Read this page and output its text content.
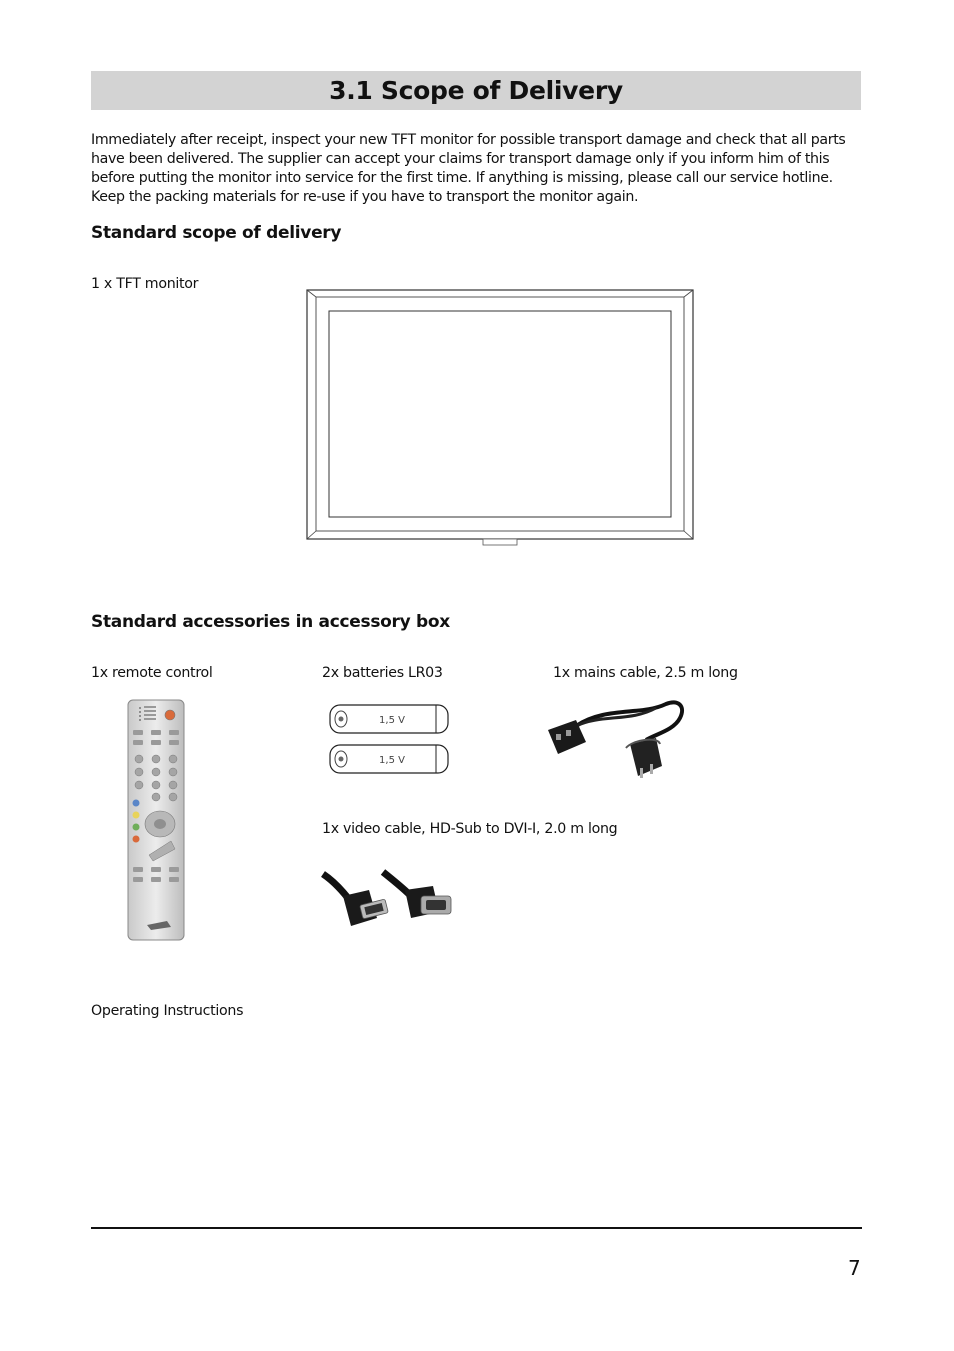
3.1 Scope of Delivery

Immediately after receipt, inspect your new TFT monitor for possible transport damage and check that all parts have been delivered. The supplier can accept your claims for transport damage only if you inform him of this before putting the monitor into service for the first time. If anything is missing, please call our service hotline. Keep the packing materials for re-use if you have to transport the monitor again.

Standard scope of delivery

1 x TFT monitor

Standard accessories in accessory box

1x remote control	2x batteries LR03	1x mains cable, 2.5 m long

1,5 V
1,5 V

1x video cable, HD-Sub to DVI-I, 2.0 m long

Operating Instructions

7
